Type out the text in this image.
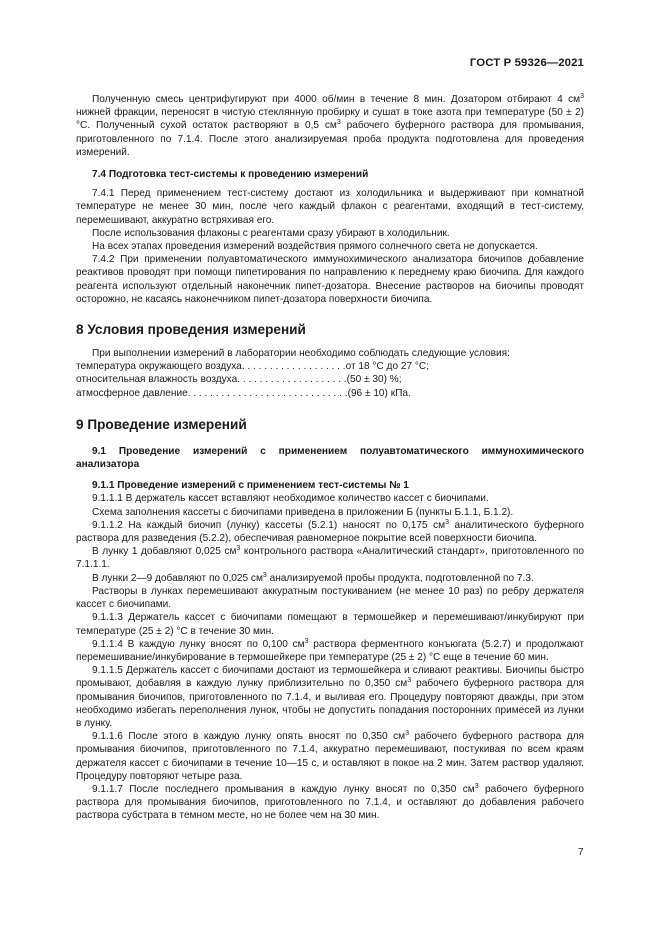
ГОСТ Р 59326—2021

Полученную смесь центрифугируют при 4000 об/мин в течение 8 мин. Дозатором отбирают 4 $см^3$ нижней фракции, переносят в чистую стеклянную пробирку и сушат в токе азота при температуре (50 ± 2) °C. Полученный сухой остаток растворяют в 0,5 $см^3$ рабочего буферного раствора для промывания, приготовленного по 7.1.4. После этого анализируемая проба продукта подготовлена для проведения измерений.

7.4 Подготовка тест-системы к проведению измерений

7.4.1 Перед применением тест-систему достают из холодильника и выдерживают при комнатной температуре не менее 30 мин, после чего каждый флакон с реагентами, входящий в тест-систему, перемешивают, аккуратно встряхивая его.

После использования флаконы с реагентами сразу убирают в холодильник.

На всех этапах проведения измерений воздействия прямого солнечного света не допускается.

7.4.2 При применении полуавтоматического иммунохимического анализатора биочипов добавление реактивов проводят при помощи пипетирования по направлению к переднему краю биочипа. Для каждого реагента используют отдельный наконечник пипет-дозатора. Внесение растворов на биочипы проводят осторожно, не касаясь наконечником пипет-дозатора поверхности биочипа.

8 Условия проведения измерений

При выполнении измерений в лаборатории необходимо соблюдать следующие условия:

температура окружающего воздуха . . . . . . . . . . . . . . . . . . . от 18 °C до 27 °C;
относительная влажность воздуха . . . . . . . . . . . . . . . . . . . . (50 ± 30) %;
атмосферное давление . . . . . . . . . . . . . . . . . . . . . . . . . . . . . (96 ± 10) кПа.

9 Проведение измерений

9.1 Проведение измерений с применением полуавтоматического иммунохимического анализатора

9.1.1 Проведение измерений с применением тест-системы № 1

9.1.1.1 В держатель кассет вставляют необходимое количество кассет с биочипами.

Схема заполнения кассеты с биочипами приведена в приложении Б (пункты Б.1.1, Б.1.2).

9.1.1.2 На каждый биочип (лунку) кассеты (5.2.1) наносят по 0,175 $см^3$ аналитического буферного раствора для разведения (5.2.2), обеспечивая равномерное покрытие всей поверхности биочипа.

В лунку 1 добавляют 0,025 $см^3$ контрольного раствора «Аналитический стандарт», приготовленного по 7.1.1.1.

В лунки 2—9 добавляют по 0,025 $см^3$ анализируемой пробы продукта, подготовленной по 7.3.

Растворы в лунках перемешивают аккуратным постукиванием (не менее 10 раз) по ребру держателя кассет с биочипами.

9.1.1.3 Держатель кассет с биочипами помещают в термошейкер и перемешивают/инкубируют при температуре (25 ± 2) °C в течение 30 мин.

9.1.1.4 В каждую лунку вносят по 0,100 $см^3$ раствора ферментного конъюгата (5.2.7) и продолжают перемешивание/инкубирование в термошейкере при температуре (25 ± 2) °C еще в течение 60 мин.

9.1.1.5 Держатель кассет с биочипами достают из термошейкера и сливают реактивы. Биочипы быстро промывают, добавляя в каждую лунку приблизительно по 0,350 $см^3$ рабочего буферного раствора для промывания биочипов, приготовленного по 7.1.4, и выливая его. Процедуру повторяют дважды, при этом необходимо избегать переполнения лунок, чтобы не допустить попадания посторонних примесей из лунки в лунку.

9.1.1.6 После этого в каждую лунку опять вносят по 0,350 $см^3$ рабочего буферного раствора для промывания биочипов, приготовленного по 7.1.4, аккуратно перемешивают, постукивая по всем краям держателя кассет с биочипами в течение 10—15 с, и оставляют в покое на 2 мин. Затем раствор удаляют. Процедуру повторяют четыре раза.

9.1.1.7 После последнего промывания в каждую лунку вносят по 0,350 $см^3$ рабочего буферного раствора для промывания биочипов, приготовленного по 7.1.4, и оставляют до добавления рабочего раствора субстрата в темном месте, но не более чем на 30 мин.

7
